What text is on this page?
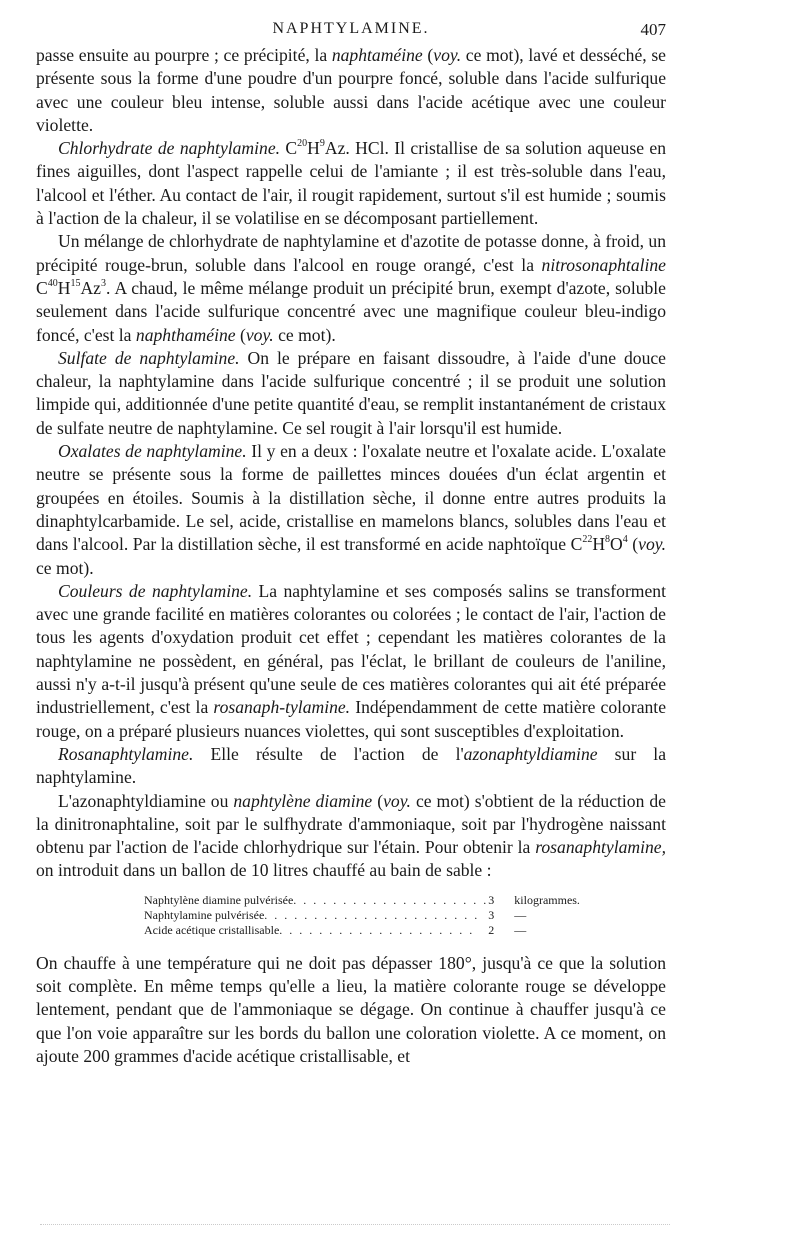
NAPHTYLAMINE.	407

passe ensuite au pourpre ; ce précipité, la naphtaméine (voy. ce mot), lavé et desséché, se présente sous la forme d'une poudre d'un pourpre foncé, soluble dans l'acide sulfurique avec une couleur bleu intense, soluble aussi dans l'acide acétique avec une couleur violette.

Chlorhydrate de naphtylamine. $C^{20}H^9Az$. HCl. Il cristallise de sa solution aqueuse en fines aiguilles, dont l'aspect rappelle celui de l'amiante ; il est très-soluble dans l'eau, l'alcool et l'éther. Au contact de l'air, il rougit rapidement, surtout s'il est humide ; soumis à l'action de la chaleur, il se volatilise en se décomposant partiellement.

Un mélange de chlorhydrate de naphtylamine et d'azotite de potasse donne, à froid, un précipité rouge-brun, soluble dans l'alcool en rouge orangé, c'est la nitrosonaphtaline $C^{40}H^{15}Az^3$. A chaud, le même mélange produit un précipité brun, exempt d'azote, soluble seulement dans l'acide sulfurique concentré avec une magnifique couleur bleu-indigo foncé, c'est la naphthaméine (voy. ce mot).

Sulfate de naphtylamine. On le prépare en faisant dissoudre, à l'aide d'une douce chaleur, la naphtylamine dans l'acide sulfurique concentré ; il se produit une solution limpide qui, additionnée d'une petite quantité d'eau, se remplit instantanément de cristaux de sulfate neutre de naphtylamine. Ce sel rougit à l'air lorsqu'il est humide.

Oxalates de naphtylamine. Il y en a deux : l'oxalate neutre et l'oxalate acide. L'oxalate neutre se présente sous la forme de paillettes minces douées d'un éclat argentin et groupées en étoiles. Soumis à la distillation sèche, il donne entre autres produits la dinaphtylcarbamide. Le sel, acide, cristallise en mamelons blancs, solubles dans l'eau et dans l'alcool. Par la distillation sèche, il est transformé en acide naphtoïque $C^{22}H^8O^4$ (voy. ce mot).

Couleurs de naphtylamine. La naphtylamine et ses composés salins se transforment avec une grande facilité en matières colorantes ou colorées ; le contact de l'air, l'action de tous les agents d'oxydation produit cet effet ; cependant les matières colorantes de la naphtylamine ne possèdent, en général, pas l'éclat, le brillant de couleurs de l'aniline, aussi n'y a-t-il jusqu'à présent qu'une seule de ces matières colorantes qui ait été préparée industriellement, c'est la rosanaph-tylamine. Indépendamment de cette matière colorante rouge, on a préparé plusieurs nuances violettes, qui sont susceptibles d'exploitation.

Rosanaphtylamine. Elle résulte de l'action de l'azonaphtyldiamine sur la naphtylamine.

L'azonaphtyldiamine ou naphtylène diamine (voy. ce mot) s'obtient de la réduction de la dinitronaphtaline, soit par le sulfhydrate d'ammoniaque, soit par l'hydrogène naissant obtenu par l'action de l'acide chlorhydrique sur l'étain. Pour obtenir la rosanaphtylamine, on introduit dans un ballon de 10 litres chauffé au bain de sable :

Naphtylène diamine pulvérisée. . . . . . . . . . . . . . . . . . . .	3	kilogrammes.
Naphtylamine pulvérisée. . . . . . . . . . . . . . . . . . . . . .	3	—
Acide acétique cristallisable. . . . . . . . . . . . . . . . . . . .	2	—

On chauffe à une température qui ne doit pas dépasser 180°, jusqu'à ce que la solution soit complète. En même temps qu'elle a lieu, la matière colorante rouge se développe lentement, pendant que de l'ammoniaque se dégage. On continue à chauffer jusqu'à ce que l'on voie apparaître sur les bords du ballon une coloration violette. A ce moment, on ajoute 200 grammes d'acide acétique cristallisable, et
